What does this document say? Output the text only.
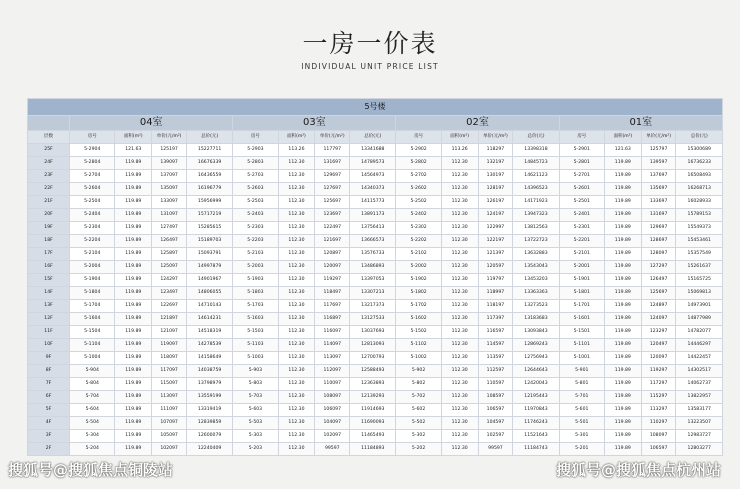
一房一价表
INDIVIDUAL UNIT PRICE LIST
5号楼																
	04室				03室				02室				01室			
层数	房号	面积(m²)	单价(元/m²)	总价(元)	房号	面积(m²)	单价(元/m²)	总价(元)	房号	面积(m²)	单价(元/m²)	总价(元)	房号	面积(m²)	单价(元/m²)	总价(元)
25F	5-2904	121.63	125197	15227711	5-2903	113.26	117797	13341688	5-2902	113.26	118297	13398318	5-2901	121.63	125797	15300689
24F	5-2804	119.89	139097	16676339	5-2803	112.30	131697	14789573	5-2802	112.30	132197	14845723	5-2801	119.89	139597	16736233
23F	5-2704	119.89	137097	16436559	5-2703	112.30	129697	14564973	5-2702	112.30	130197	14621123	5-2701	119.89	137697	16508493
22F	5-2604	119.89	135097	16196779	5-2603	112.30	127697	14340373	5-2602	112.30	128197	14396523	5-2601	119.89	135697	16268713
21F	5-2504	119.89	133097	15956999	5-2503	112.30	125697	14115773	5-2502	112.30	126197	14171923	5-2501	119.89	133697	16028933
20F	5-2404	119.89	131097	15717219	5-2403	112.30	123697	13891173	5-2402	112.30	124197	13947323	5-2401	119.89	131697	15789153
19F	5-2304	119.89	127497	15285615	5-2303	112.30	122497	13756413	5-2302	112.30	122997	13812563	5-2301	119.89	129697	15549373
18F	5-2204	119.89	126497	15189703	5-2203	112.30	121697	13666573	5-2202	112.30	122197	13722723	5-2201	119.89	128697	15453461
17F	5-2104	119.89	125897	15093791	5-2103	112.30	120897	13576733	5-2102	112.30	121397	13632883	5-2101	119.89	128097	15357549
16F	5-2004	119.89	125097	14997879	5-2003	112.30	120097	13486893	5-2002	112.30	120597	13543043	5-2001	119.89	127297	15261637
15F	5-1904	119.89	124297	14901967	5-1903	112.30	119297	13397053	5-1902	112.30	119797	13453203	5-1901	119.89	126497	15165725
14F	5-1804	119.89	123497	14806055	5-1803	112.30	118497	13307213	5-1802	112.30	118997	13363363	5-1801	119.89	125697	15069813
13F	5-1704	119.89	122697	14710143	5-1703	112.30	117697	13217373	5-1702	112.30	118197	13273523	5-1701	119.89	124897	14973901
12F	5-1604	119.89	121897	14614231	5-1603	112.30	116897	13127533	5-1602	112.30	117397	13183683	5-1601	119.89	124097	14877989
11F	5-1504	119.89	121097	14518319	5-1503	112.30	116097	13037693	5-1502	112.30	116597	13093843	5-1501	119.89	123297	14782077
10F	5-1104	119.89	119097	14278539	5-1103	112.30	114097	12813093	5-1102	112.30	114597	12869243	5-1101	119.89	120497	14446297
9F	5-1004	119.89	118097	14158649	5-1003	112.30	113097	12700793	5-1002	112.30	113597	12756943	5-1001	119.89	120097	14422457
8F	5-904	119.89	117097	14038759	5-903	112.30	112097	12588493	5-902	112.30	112597	12644643	5-901	119.89	119297	14302517
7F	5-804	119.89	115097	13798979	5-803	112.30	110097	12363893	5-802	112.30	110597	12420043	5-801	119.89	117297	14062737
6F	5-704	119.89	113097	13559199	5-703	112.30	108097	12139293	5-702	112.30	108597	12195443	5-701	119.89	115297	13822957
5F	5-604	119.89	111097	13319419	5-603	112.30	106097	11914693	5-602	112.30	106597	11970843	5-601	119.89	113297	13583177
4F	5-504	119.89	107097	12839859	5-503	112.30	104097	11690093	5-502	112.30	104597	11746243	5-501	119.89	110297	13223507
3F	5-304	119.89	105097	12600079	5-303	112.30	102097	11465493	5-302	112.30	102597	11521643	5-301	119.89	108097	12983727
2F	5-204	119.89	102097	12240409	5-203	112.30	99597	11184893	5-202	112.30	99597	11184743	5-201	119.89	106597	12803277
搜狐号@搜狐焦点铜陵站	搜狐号@搜狐焦点杭州站
